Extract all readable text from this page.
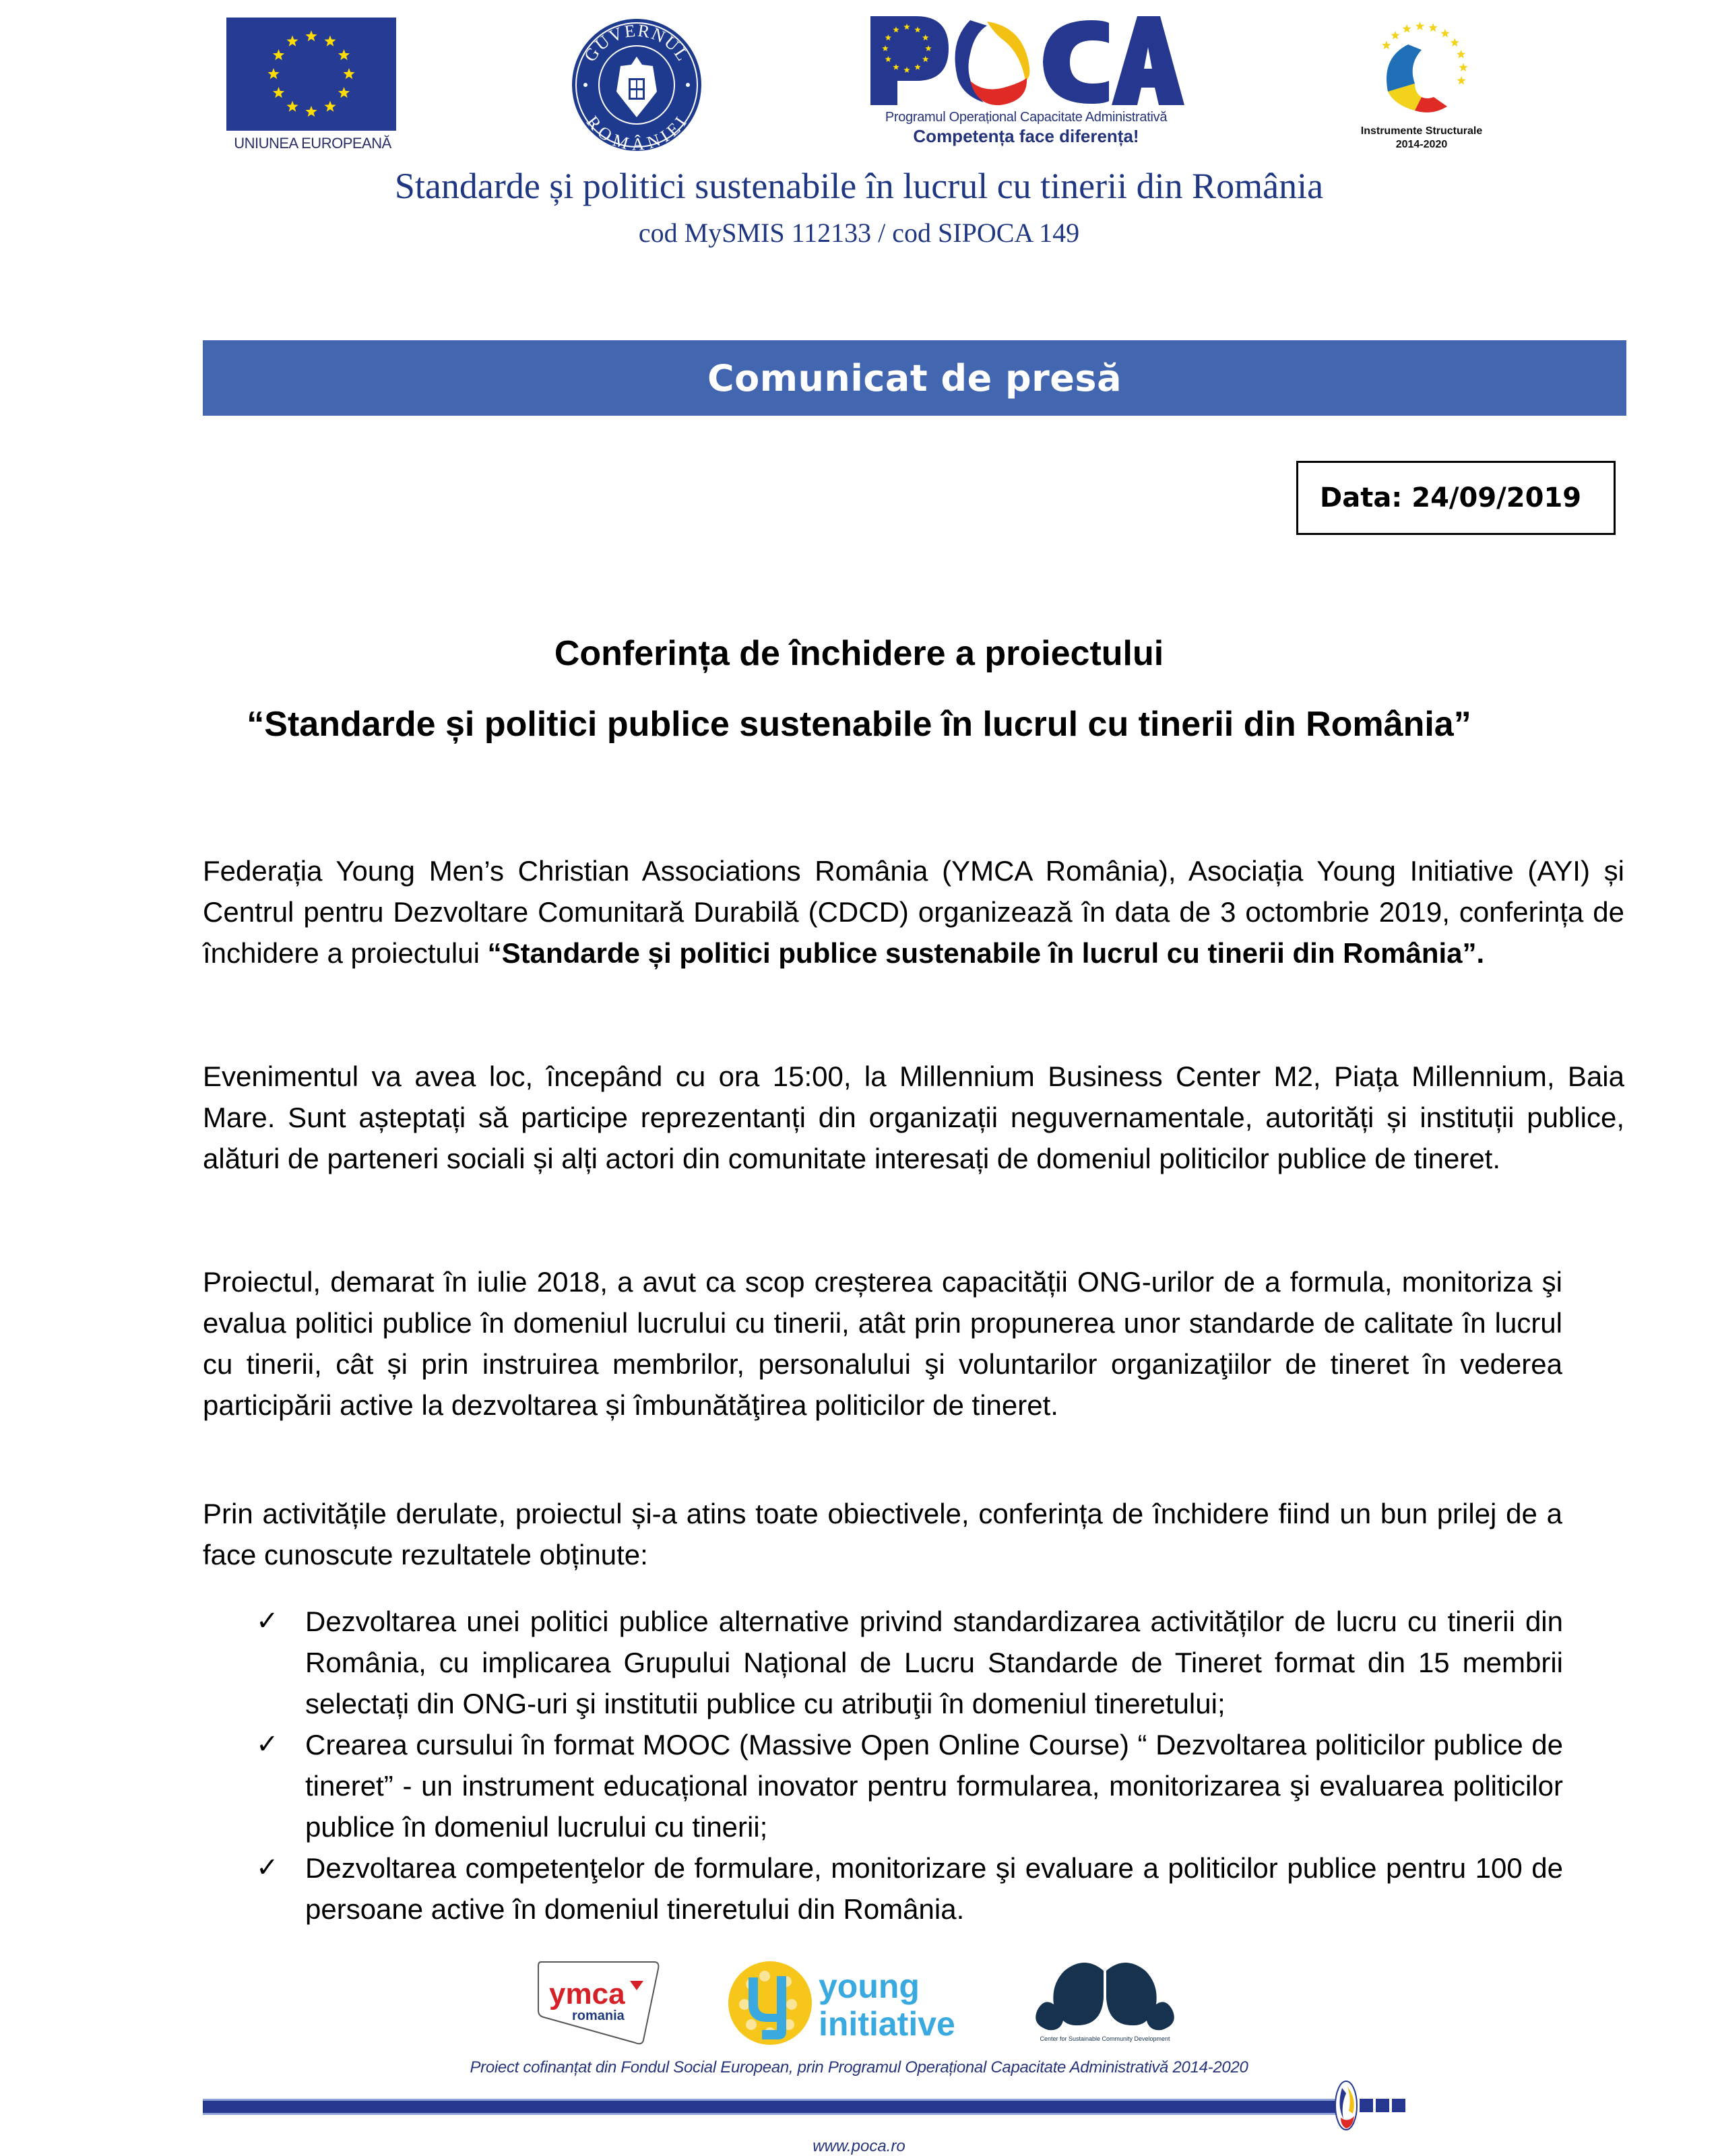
UNIUNEA EUROPEANĂ
GUVERNUL
ROMÂNIEI	Programul Operațional Capacitate Administrativă
Competența face diferența!	Instrumente Structurale
2014-2020
Standarde și politici sustenabile în lucrul cu tinerii din România
cod MySMIS 112133 / cod SIPOCA 149
Comunicat de presă
Data: 24/09/2019
Conferința de închidere a proiectului
“Standarde și politici publice sustenabile în lucrul cu tinerii din România”
Federația Young Men’s Christian Associations România (YMCA România), Asociația Young Initiative (AYI) și Centrul pentru Dezvoltare Comunitară Durabilă (CDCD) organizează în data de 3 octombrie 2019, conferința de închidere a proiectului “Standarde și politici publice sustenabile în lucrul cu tinerii din România”.
Evenimentul va avea loc, începând cu ora 15:00, la Millennium Business Center M2, Piața Millennium, Baia Mare. Sunt așteptați să participe reprezentanți din organizații neguvernamentale, autorități și instituții publice, alături de parteneri sociali și alți actori din comunitate interesați de domeniul politicilor publice de tineret.
Proiectul, demarat în iulie 2018, a avut ca scop creșterea capacității ONG-urilor de a formula, monitoriza şi evalua politici publice în domeniul lucrului cu tinerii, atât prin propunerea unor standarde de calitate în lucrul cu tinerii, cât și prin instruirea membrilor, personalului şi voluntarilor organizaţiilor de tineret în vederea participării active la dezvoltarea și îmbunătăţirea politicilor de tineret.
Prin activitățile derulate, proiectul și-a atins toate obiectivele, conferința de închidere fiind un bun prilej de a face cunoscute rezultatele obținute:
✓ Dezvoltarea unei politici publice alternative privind standardizarea activităților de lucru cu tinerii din România, cu implicarea Grupului Național de Lucru Standarde de Tineret format din 15 membrii selectați din ONG-uri şi institutii publice cu atribuţii în domeniul tineretului;
✓ Crearea cursului în format MOOC (Massive Open Online Course) “ Dezvoltarea politicilor publice de tineret” - un instrument educațional inovator pentru formularea, monitorizarea şi evaluarea politicilor publice în domeniul lucrului cu tinerii;
✓ Dezvoltarea competenţelor de formulare, monitorizare şi evaluare a politicilor publice pentru 100 de persoane active în domeniul tineretului din România.
ymca
romania
young
initiative	Center for Sustainable Community Development
Proiect cofinanțat din Fondul Social European, prin Programul Operațional Capacitate Administrativă 2014-2020
www.poca.ro
